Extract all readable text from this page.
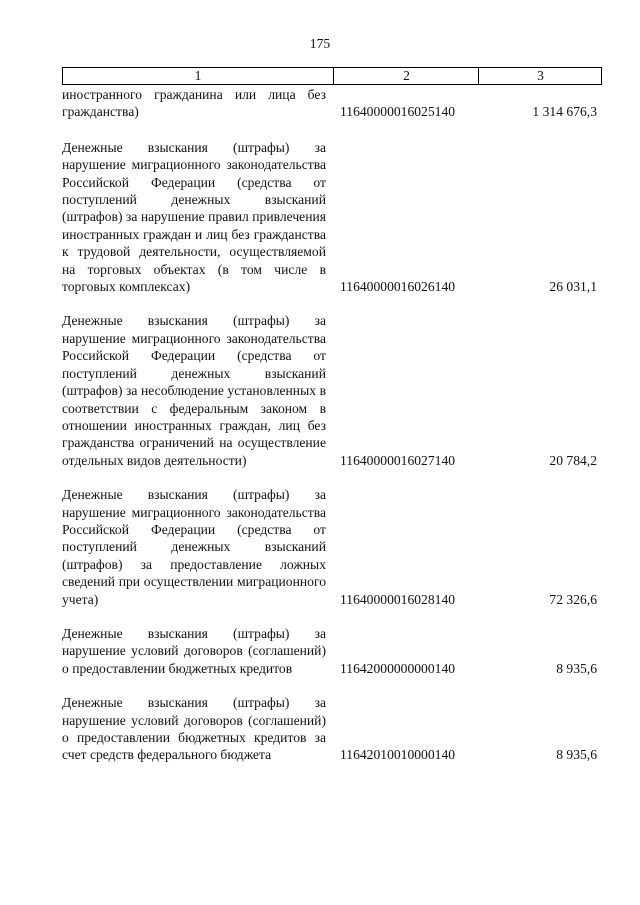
175
1	2	3
иностранного гражданина или лица без гражданства)	11640000016025140	1 314 676,3
Денежные взыскания (штрафы) за нарушение миграционного законодательства Российской Федерации (средства от поступлений денежных взысканий (штрафов) за нарушение правил привлечения иностранных граждан и лиц без гражданства к трудовой деятельности, осуществляемой на торговых объектах (в том числе в торговых комплексах)	11640000016026140	26 031,1
Денежные взыскания (штрафы) за нарушение миграционного законодательства Российской Федерации (средства от поступлений денежных взысканий (штрафов) за несоблюдение установленных в соответствии с федеральным законом в отношении иностранных граждан, лиц без гражданства ограничений на осуществление отдельных видов деятельности)	11640000016027140	20 784,2
Денежные взыскания (штрафы) за нарушение миграционного законодательства Российской Федерации (средства от поступлений денежных взысканий (штрафов) за предоставление ложных сведений при осуществлении миграционного учета)	11640000016028140	72 326,6
Денежные взыскания (штрафы) за нарушение условий договоров (соглашений) о предоставлении бюджетных кредитов	11642000000000140	8 935,6
Денежные взыскания (штрафы) за нарушение условий договоров (соглашений) о предоставлении бюджетных кредитов за счет средств федерального бюджета	11642010010000140	8 935,6
